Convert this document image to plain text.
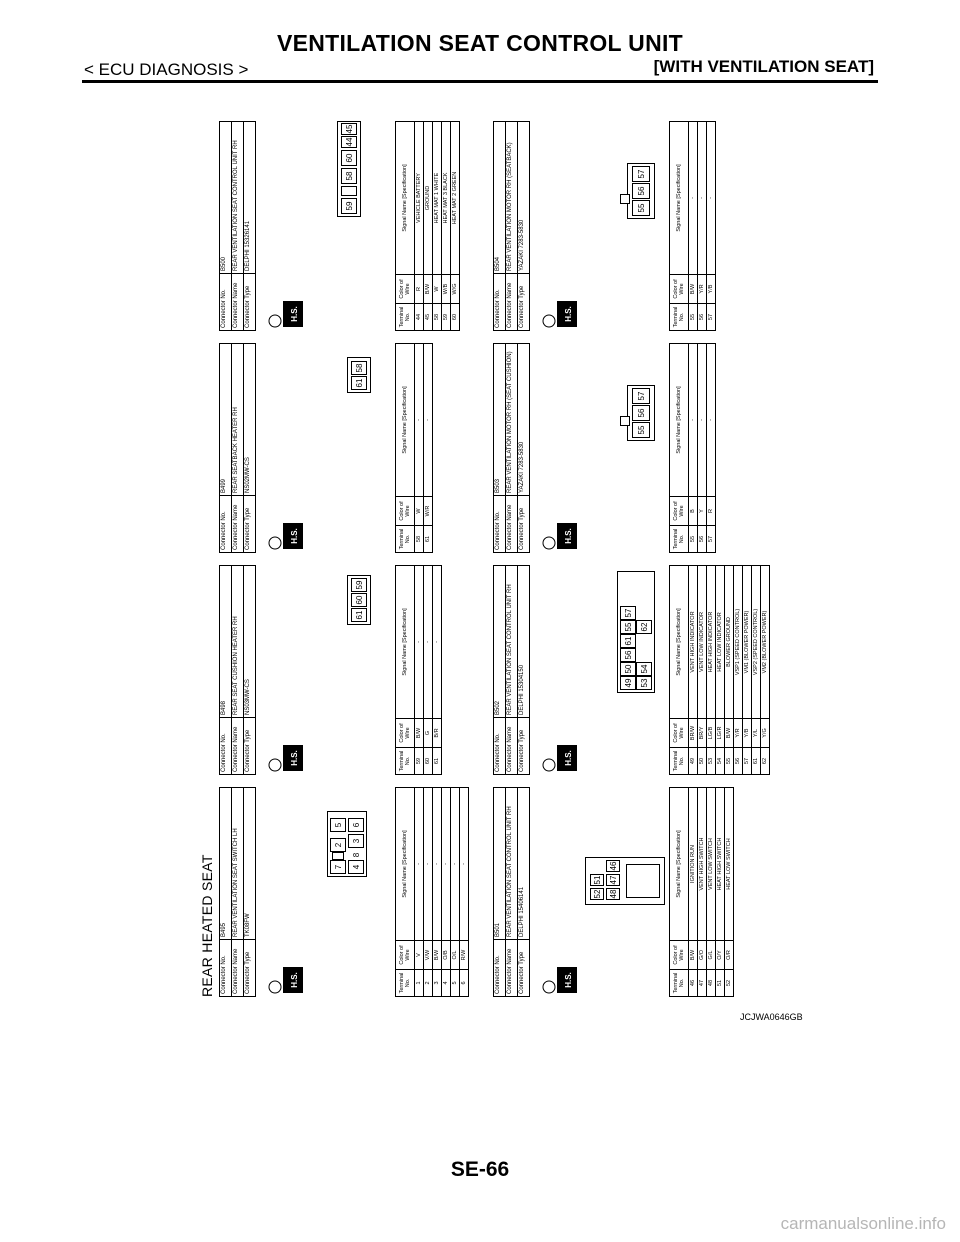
VENTILATION SEAT CONTROL UNIT
< ECU DIAGNOSIS >	[WITH VENTILATION SEAT]
REAR HEATED SEAT Connector No.	B495
Connector Name	REAR VENTILATION SEAT SWITCH LH
Connector Type	TK08FW
H.S.
7
2
5
4
8
3
6
Terminal No.	Color of Wire	Signal Name [Specification]
1	V	-
2	V/W	-
3	B/W	-
4	O/B	-
5	O/L	-
6	R/W	-
Connector No.	B498
Connector Name	REAR SEAT CUSHION HEATER RH
Connector Type	NS03MW-CS
H.S.
61
60
59
Terminal No.	Color of Wire	Signal Name [Specification]
59	B/W	-
60	G	-
61	B/R	-
Connector No.	B499
Connector Name	REAR SEATBACK HEATER RH
Connector Type	NS02MW-CS
H.S.
61
58
Terminal No.	Color of Wire	Signal Name [Specification]
58	W	-
61	W/R	-
Connector No.	B500
Connector Name	REAR VENTILATION SEAT CONTROL UNIT RH
Connector Type	DELPHI 15326141
H.S.
59
58
60
44
45
Terminal No.	Color of Wire	Signal Name [Specification]
44	R	VEHICLE BATTERY
45	B/W	GROUND
58	W	HEAT MAT 1 WHITE
59	W/B	HEAT MAT 3 BLACK
60	W/G	HEAT MAT 2 GREEN
Connector No.	B501
Connector Name	REAR VENTILATION SEAT CONTROL UNIT RH
Connector Type	DELPHI 15406141
H.S.
52
51
48
47
46
Terminal No.	Color of Wire	Signal Name [Specification]
46	B/W	IGNITION RUN
47	G/O	VENT HIGH SWITCH
48	G/L	VENT LOW SWITCH
51	O/Y	HEAT HIGH SWITCH
52	O/R	HEAT LOW SWITCH
Connector No.	B502
Connector Name	REAR VENTILATION SEAT CONTROL UNIT RH
Connector Type	DELPHI 15304150
H.S.
49
50
56
61
55
57
53
54
62
Terminal No.	Color of Wire	Signal Name [Specification]
49	BR/W	VENT HIGH INDICATOR
50	BR/Y	VENT LOW INDICATOR
53	LG/B	HEAT HIGH INDICATOR
54	LG/R	HEAT LOW INDICATOR
55	B/W	BLOWER GROUND
56	Y/R	VSP1 (SPEED CONTROL)
57	Y/B	VM1 (BLOWER POWER)
61	Y/L	VSP2 (SPEED CONTROL)
62	Y/G	VM2 (BLOWER POWER)
Connector No.	B503
Connector Name	REAR VENTILATION MOTOR RH (SEAT CUSHION)
Connector Type	YAZAKI 7283-5830
H.S.
55
56
57
Terminal No.	Color of Wire	Signal Name [Specification]
55	B	-
56	Y	-
57	R	-
Connector No.	B504
Connector Name	REAR VENTILATION MOTOR RH (SEATBACK)
Connector Type	YAZAKI 7283-5830
H.S.
55
56
57
Terminal No.	Color of Wire	Signal Name [Specification]
55	B/W	-
56	Y/R	-
57	Y/B	-
JCJWA0646GB
SE-66
carmanualsonline.info
